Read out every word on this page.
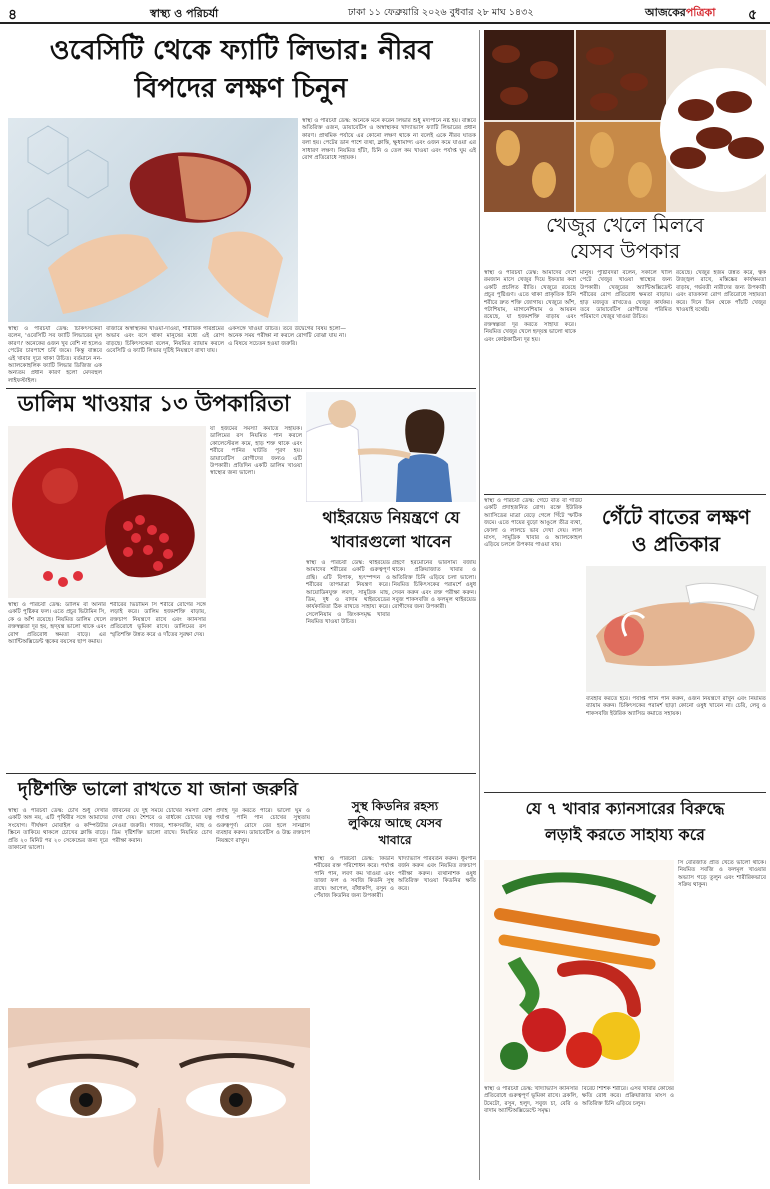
৪	স্বাস্থ্য ও পরিচর্যা	ঢাকা ১১ ফেব্রুয়ারি ২০২৬ বুধবার ২৮ মাঘ ১৪৩২	আজকেরপত্রিকা ৫
ওবেসিটি থেকে ফ্যাটি লিভার: নীরব
বিপদের লক্ষণ চিনুন
স্বাস্থ্য ও পরিচর্যা ডেস্ক: চিকিৎসকেরা বলেন, 'ওবেসিটি সব ফ্যাটি লিভারের মূল কারণ।' অনেকের ওজন খুব বেশি না হলেও পেটের চারপাশে চর্বি জমে। কিন্তু বাস্তবে এই খাবার দূরে থাকা উচিত। বর্তমানে নন-অ্যালকোহলিক ফ্যাটি লিভার ডিজিজ এক অন্যতম প্রধান কারণ হলো মেদবহুল লাইফস্টাইল।
বাজারে অস্বাস্থ্যকর খাওয়া-দাওয়া, শারীরিক পরিশ্রমের অভাব এবং বসে থাকা মানুষের মধ্যে এই রোগ বাড়ছে। চিকিৎসকেরা বলেন, নিয়মিত ব্যায়াম করলে ওবেসিটি ও ফ্যাটি লিভার দুটিই নিয়ন্ত্রণে রাখা যায়।
একসঙ্গে খাওয়া উচিত। তবে উদ্বেগের বিষয় হলো—অনেক সময় পরীক্ষা না করলে রোগটি বোঝা যায় না। এ বিষয়ে সচেতন হওয়া জরুরি।
স্বাস্থ্য ও পরিচর্যা ডেস্ক: অনেকে মনে করেন লিভার শুধু মদ্যপানে নষ্ট হয়। বাস্তবে অতিরিক্ত ওজন, ডায়াবেটিস ও অস্বাস্থ্যকর খাদ্যাভ্যাস ফ্যাটি লিভারের প্রধান কারণ। প্রাথমিক পর্যায়ে এর কোনো লক্ষণ থাকে না বলেই একে নীরব ঘাতক বলা হয়। পেটের ডান পাশে ব্যথা, ক্লান্তি, ক্ষুধামান্দ্য এবং ওজন কমে যাওয়া এর সাধারণ লক্ষণ। নিয়মিত হাঁটা, চিনি ও তেল কম খাওয়া এবং পর্যাপ্ত ঘুম এই রোগ প্রতিরোধে সহায়ক।
ডালিম খাওয়ার ১৩ উপকারিতা
স্বাস্থ্য ও পরিচর্যা ডেস্ক: ডালিম বা আনার একটি পুষ্টিকর ফল। এতে প্রচুর ভিটামিন সি, কে ও আঁশ রয়েছে। নিয়মিত ডালিম খেলে রক্তস্বল্পতা দূর হয়, হৃদ্‌যন্ত্র ভালো থাকে এবং রোগ প্রতিরোধ ক্ষমতা বাড়ে। এর অ্যান্টিঅক্সিডেন্ট ত্বকের বয়সের ছাপ কমায়।
শরীরের ভিটামিন সি শরীরে রোগের সঙ্গে লড়াই করে। ডালিম হজমশক্তি বাড়ায়, রক্তচাপ নিয়ন্ত্রণে রাখে এবং ক্যানসার প্রতিরোধে ভূমিকা রাখে। ডালিমের রস স্মৃতিশক্তি উন্নত করে ও দাঁতের সুরক্ষা দেয়।
যা হজমের সমস্যা কমাতে সহায়ক। ডালিমের রস নিয়মিত পান করলে কোলেস্টেরল কমে, হাড় শক্ত থাকে এবং শরীরে পানির ঘাটতি পূরণ হয়। ডায়াবেটিস রোগীদের জন্যও এটি উপকারী। প্রতিদিন একটি ডালিম খাওয়া স্বাস্থ্যের জন্য ভালো।
থাইরয়েড নিয়ন্ত্রণে যে খাবারগুলো খাবেন
স্বাস্থ্য ও পরিচর্যা ডেস্ক: থাইরয়েড আমাদের শরীরের একটি গুরুত্বপূর্ণ গ্রন্থি। এটি বিপাক, হৃৎস্পন্দন ও শরীরের তাপমাত্রা নিয়ন্ত্রণ করে। আয়োডিনযুক্ত লবণ, সামুদ্রিক মাছ, ডিম, দুধ ও বাদাম থাইরয়েডের কার্যকারিতা ঠিক রাখতে সাহায্য করে। সেলেনিয়াম ও জিংকসমৃদ্ধ খাবার নিয়মিত খাওয়া উচিত।
গ্রহণে হরমোনের ভারসাম্য বজায় থাকে। প্রক্রিয়াজাত খাবার ও অতিরিক্ত চিনি এড়িয়ে চলা ভালো। নিয়মিত চিকিৎসকের পরামর্শে ওষুধ সেবন করুন এবং রক্ত পরীক্ষা করুন। সবুজ শাকসবজি ও ফলমূল থাইরয়েড রোগীদের জন্য উপকারী।
দৃষ্টিশক্তি ভালো রাখতে যা জানা জরুরি
স্বাস্থ্য ও পরিচর্যা ডেস্ক: চোখ শুধু দেখার একটি অঙ্গ নয়, এটি পৃথিবীর সঙ্গে আমাদের সংযোগ। দীর্ঘক্ষণ মোবাইল ও কম্পিউটার স্ক্রিনে তাকিয়ে থাকলে চোখের ক্লান্তি বাড়ে। প্রতি ২০ মিনিট পর ২০ সেকেন্ডের জন্য দূরে তাকানো ভালো।
জীবনের যে দুই সময়ে চোখের সমস্যা বেশি দেখা দেয়। শৈশবে ও বার্ধক্যে চোখের যত্ন নেওয়া জরুরি। গাজর, শাকসবজি, মাছ ও ডিম দৃষ্টিশক্তি ভালো রাখে। নিয়মিত চোখ পরীক্ষা করান।
প্রদাহ দূর করতে পারে। ভালো ঘুম ও পর্যাপ্ত পানি পান চোখের সুস্থতায় গুরুত্বপূর্ণ। রোদে বের হলে সানগ্লাস ব্যবহার করুন। ডায়াবেটিস ও উচ্চ রক্তচাপ নিয়ন্ত্রণে রাখুন।
খেজুর খেলে মিলবে
যেসব উপকার
স্বাস্থ্য ও পরিচর্যা ডেস্ক: আমাদের দেশে রমজান মাসে খেজুর দিয়ে ইফতার করা একটি প্রচলিত রীতি। খেজুরে রয়েছে প্রচুর পুষ্টিগুণ। এতে থাকা প্রাকৃতিক চিনি শরীরে দ্রুত শক্তি জোগায়। খেজুরে আঁশ, পটাশিয়াম, ম্যাগনেশিয়াম ও আয়রন রয়েছে, যা হজমশক্তি বাড়ায় এবং রক্তস্বল্পতা দূর করতে সাহায্য করে। নিয়মিত খেজুর খেলে হৃদ্‌যন্ত্র ভালো থাকে এবং কোষ্ঠকাঠিন্য দূর হয়।
মানুষ। পুষ্টিবিদরা বলেন, সকালে খালি পেটে খেজুর খাওয়া স্বাস্থ্যের জন্য উপকারী। খেজুরের অ্যান্টিঅক্সিডেন্ট শরীরের রোগ প্রতিরোধ ক্ষমতা বাড়ায়। হাড় মজবুত রাখতেও খেজুর কার্যকর। তবে ডায়াবেটিস রোগীদের পরিমিত পরিমাণে খেজুর খাওয়া উচিত।
রয়েছে। খেজুর হজম উন্নত করে, ত্বক উজ্জ্বল রাখে, মস্তিষ্কের কার্যক্ষমতা বাড়ায়, গর্ভবতী নারীদের জন্য উপকারী এবং রাতকানা রোগ প্রতিরোধে সহায়তা করে। দিনে তিন থেকে পাঁচটি খেজুর খাওয়াই যথেষ্ট।
স্বাস্থ্য ও পরিচর্যা ডেস্ক: গেঁটে বাত বা গাউট একটি প্রদাহজনিত রোগ। রক্তে ইউরিক অ্যাসিডের মাত্রা বেড়ে গেলে গিঁটে স্ফটিক জমে। এতে পায়ের বুড়ো আঙুলে তীব্র ব্যথা, ফোলা ও লালচে ভাব দেখা দেয়। লাল মাংস, সামুদ্রিক খাবার ও অ্যালকোহল এড়িয়ে চললে উপকার পাওয়া যায়।
গেঁটে বাতের লক্ষণ
ও প্রতিকার
ব্যবহার করতে হবে। পর্যাপ্ত পানি পান করুন, ওজন নিয়ন্ত্রণে রাখুন এবং নিয়মিত ব্যায়াম করুন। চিকিৎসকের পরামর্শ ছাড়া কোনো ওষুধ খাবেন না। চেরি, লেবু ও শাকসবজি ইউরিক অ্যাসিড কমাতে সহায়ক।
সুস্থ কিডনির রহস্য
লুকিয়ে আছে যেসব
খাবারে
স্বাস্থ্য ও পরিচর্যা ডেস্ক: কিডনি শরীরের রক্ত পরিশোধন করে। পর্যাপ্ত পানি পান, লবণ কম খাওয়া এবং তাজা ফল ও সবজি কিডনি সুস্থ রাখে। আপেল, বাঁধাকপি, রসুন ও পেঁয়াজ কিডনির জন্য উপকারী।
খাদ্যাভ্যাস পরিবর্তন করুন। ধূমপান বর্জন করুন এবং নিয়মিত রক্তচাপ পরীক্ষা করুন। ব্যথানাশক ওষুধ অতিরিক্ত খাওয়া কিডনির ক্ষতি করে।
যে ৭ খাবার ক্যানসারের বিরুদ্ধে
লড়াই করতে সাহায্য করে
স্বাস্থ্য ও পরিচর্যা ডেস্ক: খাদ্যাভ্যাস ক্যানসার প্রতিরোধে গুরুত্বপূর্ণ ভূমিকা রাখে। ব্রকলি, টমেটো, রসুন, হলুদ, সবুজ চা, বেরি ও বাদাম অ্যান্টিঅক্সিডেন্টে সমৃদ্ধ।
বিরেট শিশিক শরীরে। এসব খাবার কোষের ক্ষতি রোধ করে। প্রক্রিয়াজাত মাংস ও অতিরিক্ত চিনি এড়িয়ে চলুন।
সি বেরিজাত প্রতি খেতে ভালো থাকে। নিয়মিত সবজি ও ফলমূল খাওয়ার অভ্যাস গড়ে তুলুন এবং শারীরিকভাবে সক্রিয় থাকুন।
